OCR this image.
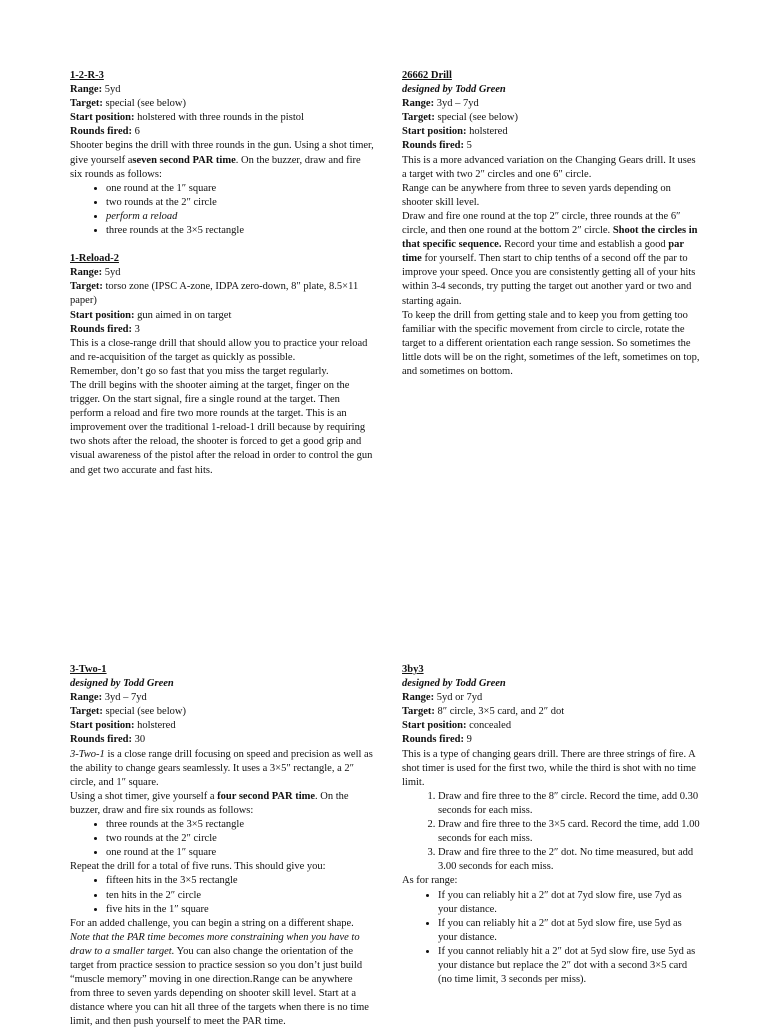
1-2-R-3

Range: 5yd

Target: special (see below)

Start position: holstered with three rounds in the pistol

Rounds fired: 6

Shooter begins the drill with three rounds in the gun. Using a shot timer, give yourself aseven second PAR time. On the buzzer, draw and fire six rounds as follows:

• one round at the 1″ square
• two rounds at the 2″ circle
• perform a reload
• three rounds at the 3×5 rectangle

1-Reload-2

Range: 5yd

Target: torso zone (IPSC A-zone, IDPA zero-down, 8″ plate, 8.5×11 paper)

Start position: gun aimed in on target

Rounds fired: 3

This is a close-range drill that should allow you to practice your reload and re-acquisition of the target as quickly as possible.

Remember, don’t go so fast that you miss the target regularly.

The drill begins with the shooter aiming at the target, finger on the trigger. On the start signal, fire a single round at the target. Then perform a reload and fire two more rounds at the target. This is an improvement over the traditional 1-reload-1 drill because by requiring two shots after the reload, the shooter is forced to get a good grip and visual awareness of the pistol after the reload in order to control the gun and get two accurate and fast hits.

26662 Drill

designed by Todd Green

Range: 3yd – 7yd

Target: special (see below)

Start position: holstered

Rounds fired: 5

This is a more advanced variation on the Changing Gears drill. It uses a target with two 2″ circles and one 6″ circle.

Range can be anywhere from three to seven yards depending on shooter skill level.

Draw and fire one round at the top 2″ circle, three rounds at the 6″ circle, and then one round at the bottom 2″ circle. Shoot the circles in that specific sequence. Record your time and establish a good par time for yourself. Then start to chip tenths of a second off the par to improve your speed. Once you are consistently getting all of your hits within 3-4 seconds, try putting the target out another yard or two and starting again.

To keep the drill from getting stale and to keep you from getting too familiar with the specific movement from circle to circle, rotate the target to a different orientation each range session. So sometimes the little dots will be on the right, sometimes of the left, sometimes on top, and sometimes on bottom.

3-Two-1

designed by Todd Green

Range: 3yd – 7yd

Target: special (see below)

Start position: holstered

Rounds fired: 30

3-Two-1 is a close range drill focusing on speed and precision as well as the ability to change gears seamlessly. It uses a 3×5″ rectangle, a 2″ circle, and 1″ square.

Using a shot timer, give yourself a four second PAR time. On the buzzer, draw and fire six rounds as follows:

• three rounds at the 3×5 rectangle
• two rounds at the 2″ circle
• one round at the 1″ square

Repeat the drill for a total of five runs. This should give you:

• fifteen hits in the 3×5 rectangle
• ten hits in the 2″ circle
• five hits in the 1″ square

For an added challenge, you can begin a string on a different shape. Note that the PAR time becomes more constraining when you have to draw to a smaller target. You can also change the orientation of the target from practice session to practice session so you don’t just build “muscle memory” moving in one direction.Range can be anywhere from three to seven yards depending on shooter skill level. Start at a distance where you can hit all three of the targets when there is no time limit, and then push yourself to meet the PAR time.

3by3

designed by Todd Green

Range: 5yd or 7yd

Target: 8″ circle, 3×5 card, and 2″ dot

Start position: concealed

Rounds fired: 9

This is a type of changing gears drill. There are three strings of fire. A shot timer is used for the first two, while the third is shot with no time limit.

1. Draw and fire three to the 8″ circle. Record the time, add 0.30 seconds for each miss.
2. Draw and fire three to the 3×5 card. Record the time, add 1.00 seconds for each miss.
3. Draw and fire three to the 2″ dot. No time measured, but add 3.00 seconds for each miss.

As for range:

• If you can reliably hit a 2″ dot at 7yd slow fire, use 7yd as your distance.
• If you can reliably hit a 2″ dot at 5yd slow fire, use 5yd as your distance.
• If you cannot reliably hit a 2″ dot at 5yd slow fire, use 5yd as your distance but replace the 2″ dot with a second 3×5 card (no time limit, 3 seconds per miss).
